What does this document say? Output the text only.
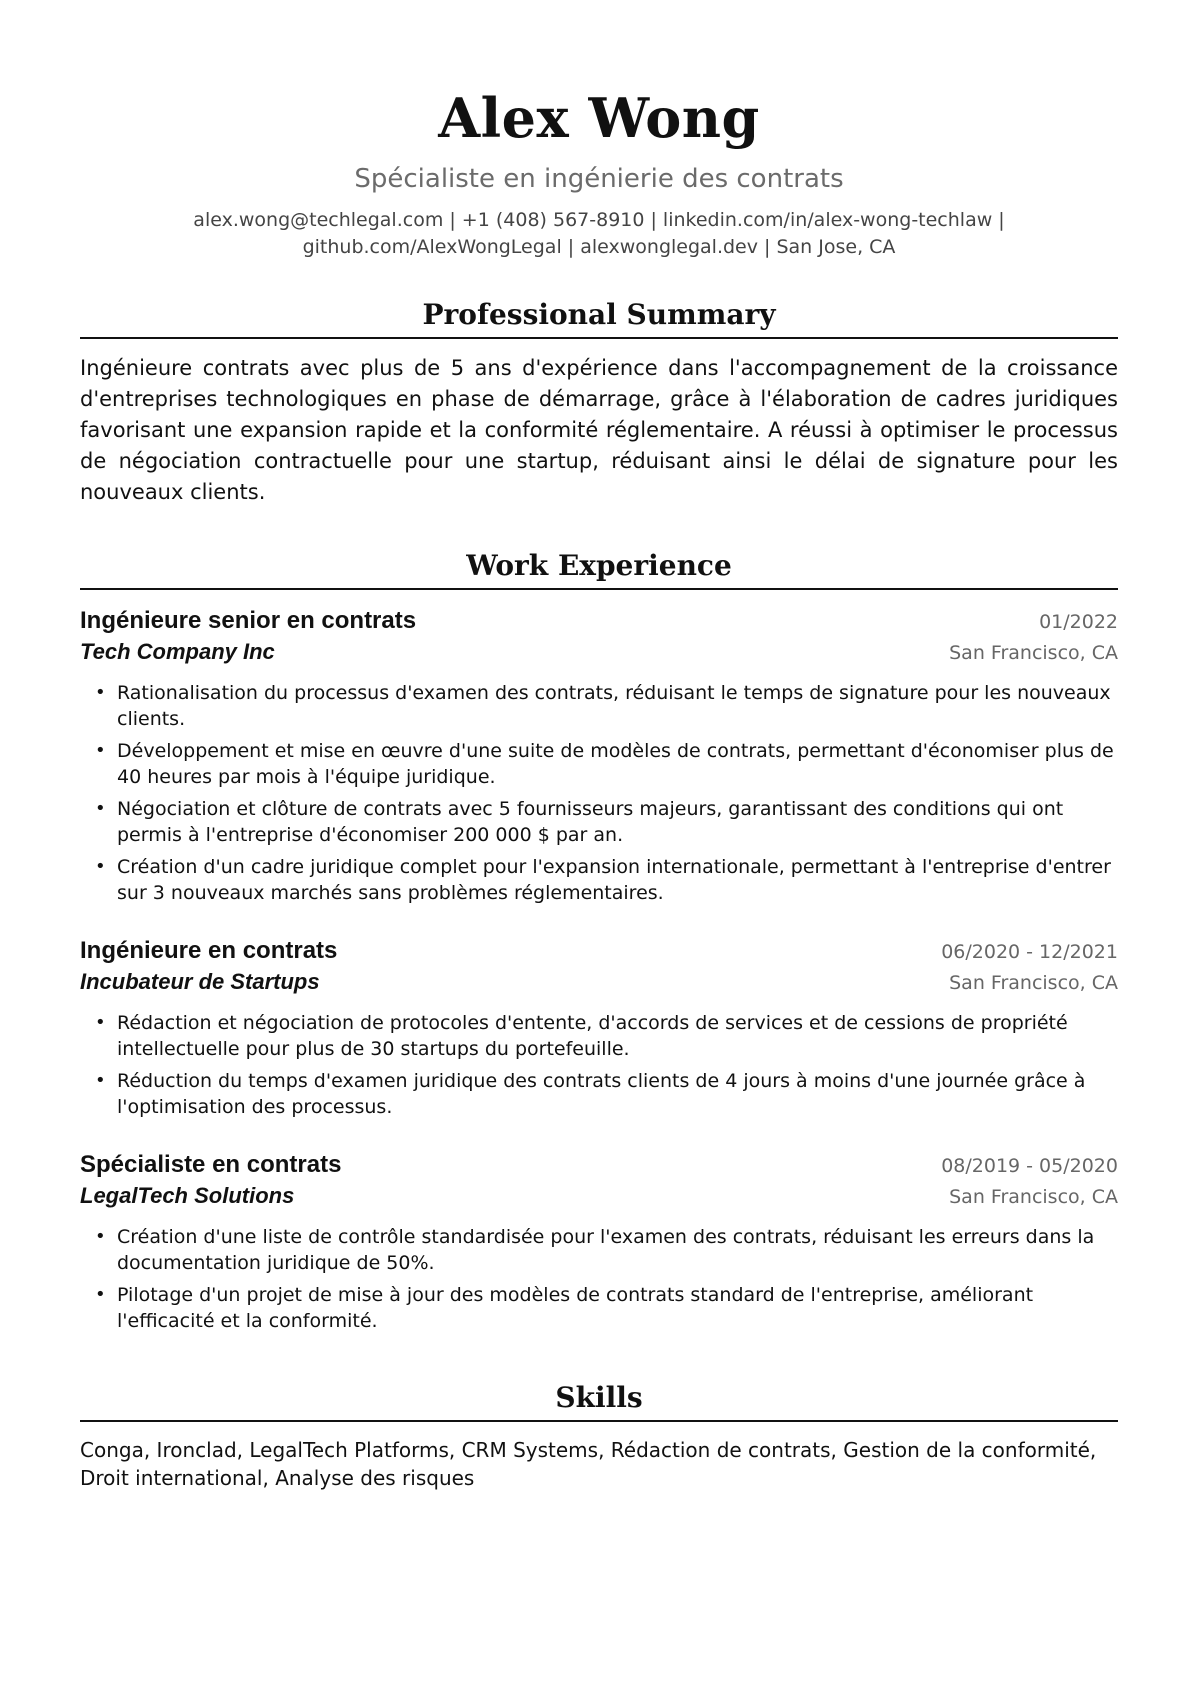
Alex Wong
Spécialiste en ingénierie des contrats
alex.wong@techlegal.com | +1 (408) 567-8910 | linkedin.com/in/alex-wong-techlaw |
github.com/AlexWongLegal | alexwonglegal.dev | San Jose, CA
Professional Summary
Ingénieure contrats avec plus de 5 ans d'expérience dans l'accompagnement de la croissance d'entreprises technologiques en phase de démarrage, grâce à l'élaboration de cadres juridiques favorisant une expansion rapide et la conformité réglementaire. A réussi à optimiser le processus de négociation contractuelle pour une startup, réduisant ainsi le délai de signature pour les nouveaux clients.
Work Experience
Ingénieure senior en contrats	01/2022
Tech Company Inc	San Francisco, CA
• Rationalisation du processus d'examen des contrats, réduisant le temps de signature pour les nouveaux clients.
• Développement et mise en œuvre d'une suite de modèles de contrats, permettant d'économiser plus de 40 heures par mois à l'équipe juridique.
• Négociation et clôture de contrats avec 5 fournisseurs majeurs, garantissant des conditions qui ont permis à l'entreprise d'économiser 200 000 $ par an.
• Création d'un cadre juridique complet pour l'expansion internationale, permettant à l'entreprise d'entrer sur 3 nouveaux marchés sans problèmes réglementaires.
Ingénieure en contrats	06/2020 - 12/2021
Incubateur de Startups	San Francisco, CA
• Rédaction et négociation de protocoles d'entente, d'accords de services et de cessions de propriété intellectuelle pour plus de 30 startups du portefeuille.
• Réduction du temps d'examen juridique des contrats clients de 4 jours à moins d'une journée grâce à l'optimisation des processus.
Spécialiste en contrats	08/2019 - 05/2020
LegalTech Solutions	San Francisco, CA
• Création d'une liste de contrôle standardisée pour l'examen des contrats, réduisant les erreurs dans la documentation juridique de 50%.
• Pilotage d'un projet de mise à jour des modèles de contrats standard de l'entreprise, améliorant l'efficacité et la conformité.
Skills
Conga, Ironclad, LegalTech Platforms, CRM Systems, Rédaction de contrats, Gestion de la conformité, Droit international, Analyse des risques
